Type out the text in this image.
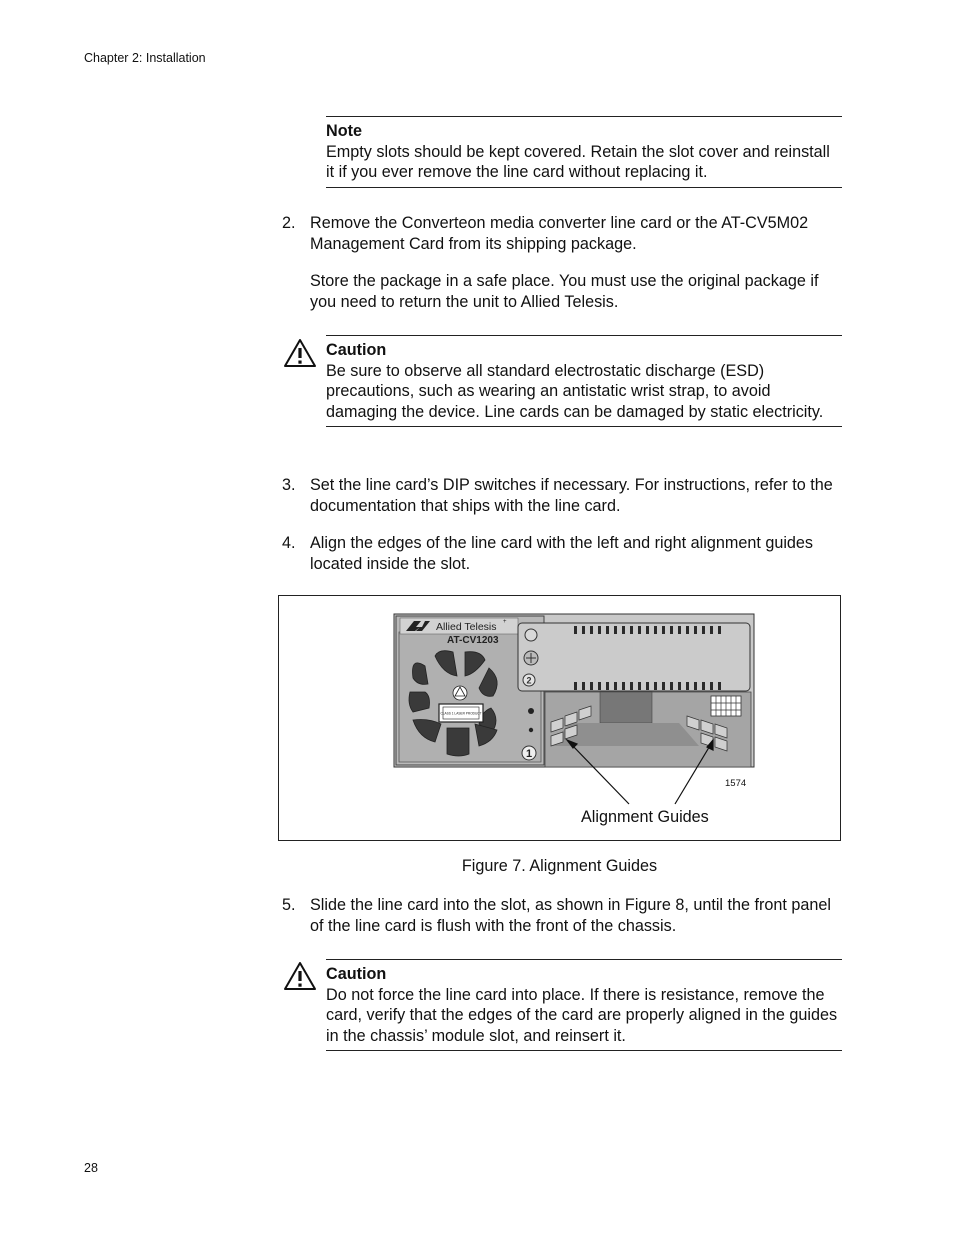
Chapter 2: Installation
Note
Empty slots should be kept covered. Retain the slot cover and reinstall it if you ever remove the line card without replacing it.
2. Remove the Converteon media converter line card or the AT-CV5M02 Management Card from its shipping package.
Store the package in a safe place. You must use the original package if you need to return the unit to Allied Telesis.
Caution
Be sure to observe all standard electrostatic discharge (ESD) precautions, such as wearing an antistatic wrist strap, to avoid damaging the device. Line cards can be damaged by static electricity.
3. Set the line card’s DIP switches if necessary. For instructions, refer to the documentation that ships with the line card.
4. Align the edges of the line card with the left and right alignment guides located inside the slot.
Allied Telesis +
AT-CV1203
CLASS 1 LASER PRODUCT
2
1
1574
Alignment Guides
Figure 7. Alignment Guides
5. Slide the line card into the slot, as shown in Figure 8, until the front panel of the line card is flush with the front of the chassis.
Caution
Do not force the line card into place. If there is resistance, remove the card, verify that the edges of the card are properly aligned in the guides in the chassis’ module slot, and reinsert it.
28
